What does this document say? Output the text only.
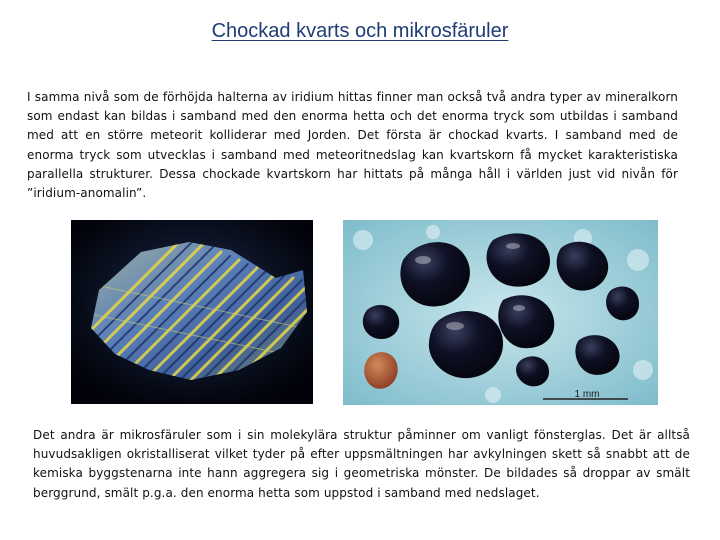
Chockad kvarts och mikrosfäruler

I samma nivå som de förhöjda halterna av iridium hittas finner man också två andra typer av mineralkorn som endast kan bildas i samband med den enorma hetta och det enorma tryck som utbildas i samband med att en större meteorit kolliderar med Jorden. Det första är chockad kvarts. I samband med de enorma tryck som utvecklas i samband med meteoritnedslag kan kvartskorn få mycket karakteristiska parallella strukturer. Dessa chockade kvartskorn har hittats på många håll i världen just vid nivån för ”iridium-anomalin”.

1 mm

Det andra är mikrosfäruler som i sin molekylära struktur påminner om vanligt fönsterglas. Det är alltså huvudsakligen okristalliserat vilket tyder på efter uppsmältningen har avkylningen skett så snabbt att de kemiska byggstenarna inte hann aggregera sig i geometriska mönster. De bildades så droppar av smält berggrund, smält p.g.a. den enorma hetta som uppstod i samband med nedslaget.
